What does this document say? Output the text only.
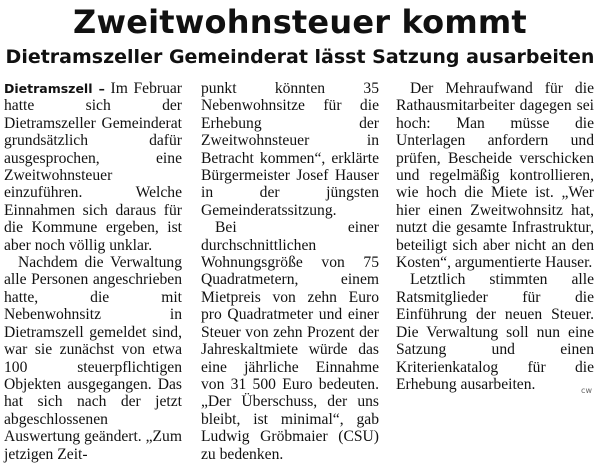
Zweitwohnsteuer kommt
Dietramszeller Gemeinderat lässt Satzung ausarbeiten

Dietramszell – Im Februar hatte sich der Dietramszeller Gemeinderat grundsätzlich dafür ausgesprochen, eine Zweitwohnsteuer einzuführen. Welche Einnahmen sich daraus für die Kommune ergeben, ist aber noch völlig unklar.

Nachdem die Verwaltung alle Personen angeschrieben hatte, die mit Nebenwohnsitz in Dietramszell gemeldet sind, war sie zunächst von etwa 100 steuerpflichtigen Objekten ausgegangen. Das hat sich nach der jetzt abgeschlossenen Auswertung geändert. „Zum jetzigen Zeit-

punkt könnten 35 Nebenwohnsitze für die Erhebung der Zweitwohnsteuer in Betracht kommen“, erklärte Bürgermeister Josef Hauser in der jüngsten Gemeinderatssitzung.

Bei einer durchschnittlichen Wohnungsgröße von 75 Quadratmetern, einem Mietpreis von zehn Euro pro Quadratmeter und einer Steuer von zehn Prozent der Jahreskaltmiete würde das eine jährliche Einnahme von 31 500 Euro bedeuten. „Der Überschuss, der uns bleibt, ist minimal“, gab Ludwig Gröbmaier (CSU) zu bedenken.

Der Mehraufwand für die Rathausmitarbeiter dagegen sei hoch: Man müsse die Unterlagen anfordern und prüfen, Bescheide verschicken und regelmäßig kontrollieren, wie hoch die Miete ist. „Wer hier einen Zweitwohnsitz hat, nutzt die gesamte Infrastruktur, beteiligt sich aber nicht an den Kosten“, argumentierte Hauser.

Letztlich stimmten alle Ratsmitglieder für die Einführung der neuen Steuer. Die Verwaltung soll nun eine Satzung und einen Kriterienkatalog für die Erhebung ausarbeiten.	cw
